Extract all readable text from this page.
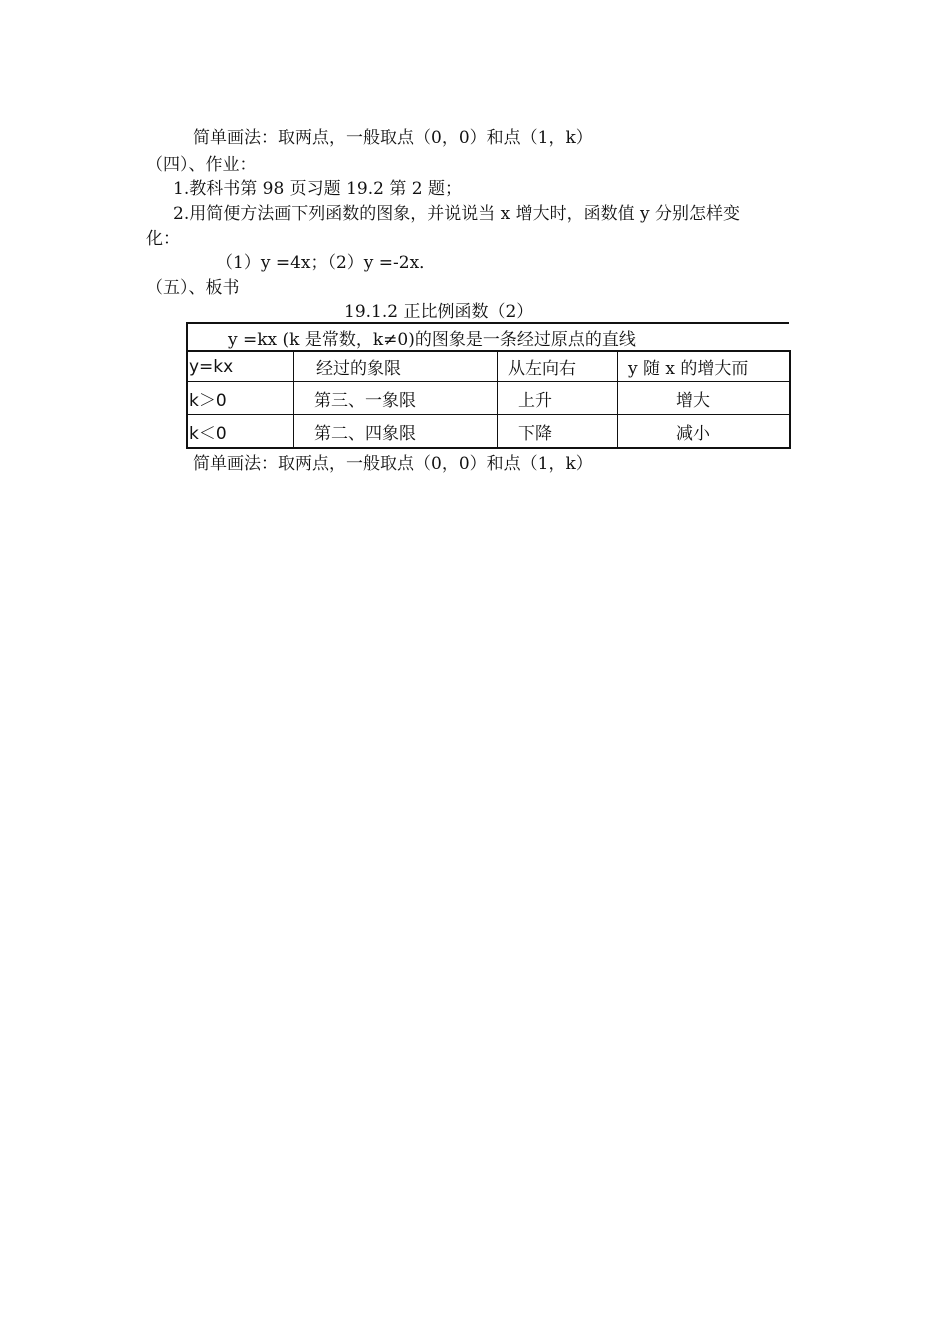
简单画法：取两点，一般取点（0，0）和点（1，k）
（四）、作业：
1.教科书第 98 页习题 19.2 第 2 题；
2.用简便方法画下列函数的图象，并说说当 x 增大时，函数值 y 分别怎样变
化：
（1）y =4x；（2）y =-2x．
（五）、板书
19.1.2 正比例函数（2）
y =kx (k 是常数，k≠0)的图象是一条经过原点的直线
y=kx	经过的象限	从左向右	y 随 x 的增大而
k＞0	第三、一象限	上升	增大
k＜0	第二、四象限	下降	减小
简单画法：取两点，一般取点（0，0）和点（1，k）
